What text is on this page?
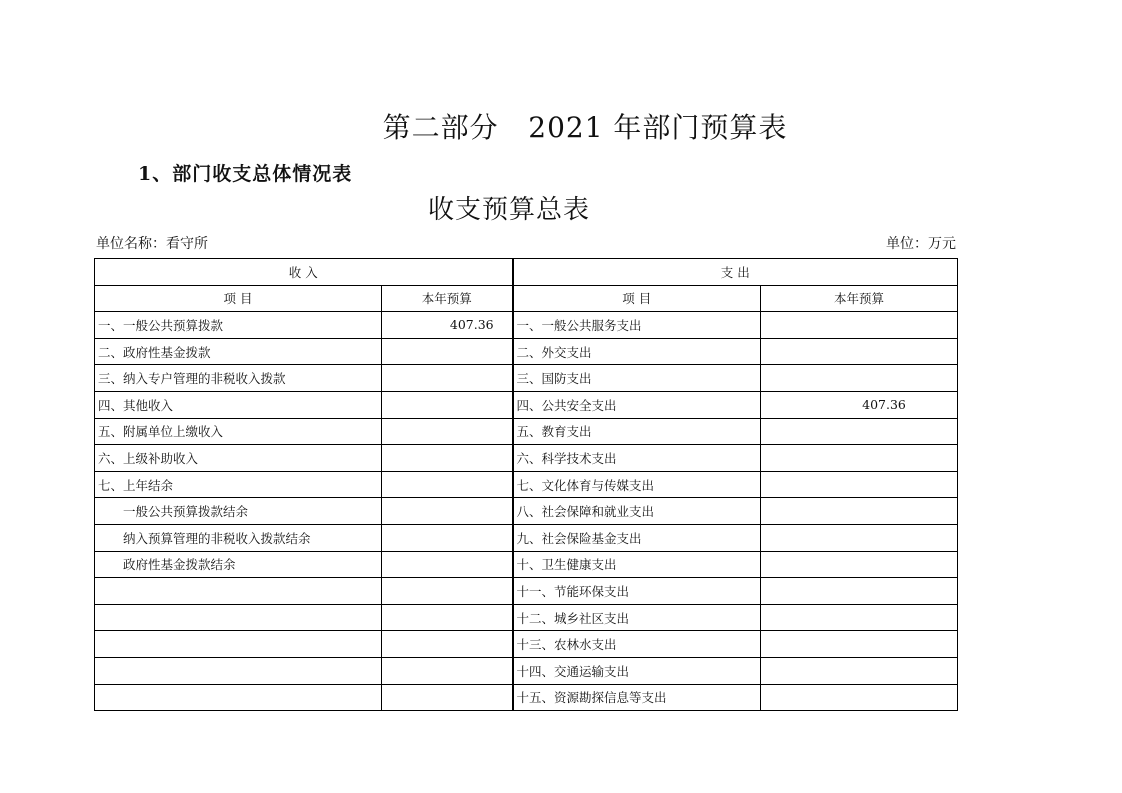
第二部分   2021 年部门预算表
1、部门收支总体情况表
收支预算总表
单位名称：看守所	单位：万元
收 入		支 出	
项 目	本年预算	项 目	本年预算
一、一般公共预算拨款	407.36	一、一般公共服务支出	
二、政府性基金拨款		二、外交支出	
三、纳入专户管理的非税收入拨款		三、国防支出	
四、其他收入		四、公共安全支出	407.36
五、附属单位上缴收入		五、教育支出	
六、上级补助收入		六、科学技术支出	
七、上年结余		七、文化体育与传媒支出	
一般公共预算拨款结余		八、社会保障和就业支出	
纳入预算管理的非税收入拨款结余		九、社会保险基金支出	
政府性基金拨款结余		十、卫生健康支出	
		十一、节能环保支出	
		十二、城乡社区支出	
		十三、农林水支出	
		十四、交通运输支出	
		十五、资源勘探信息等支出	
